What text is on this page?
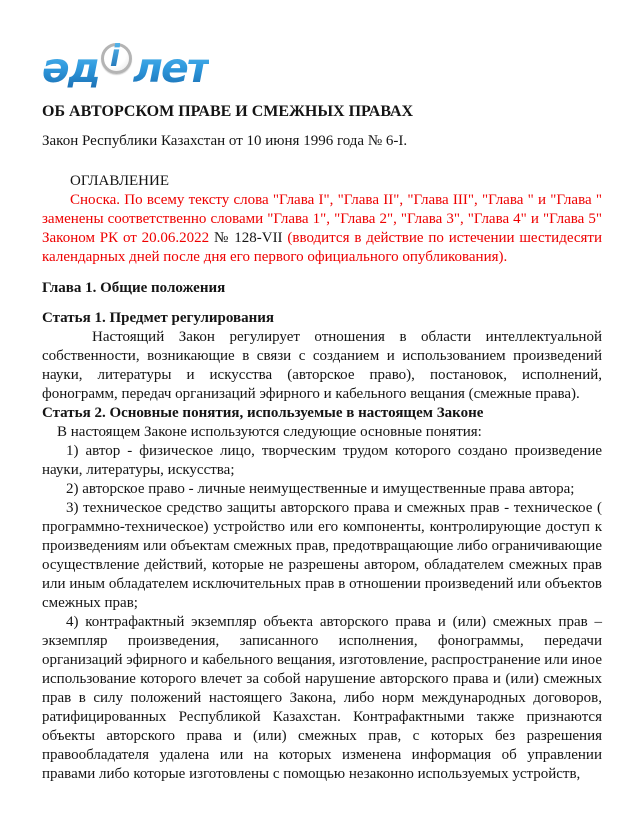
әд і лет
ОБ АВТОРСКОМ ПРАВЕ И СМЕЖНЫХ ПРАВАХ

Закон Республики Казахстан от 10 июня 1996 года № 6-I.

ОГЛАВЛЕНИЕ

Сноска. По всему тексту слова "Глава I", "Глава II", "Глава III", "Глава " и "Глава " заменены соответственно словами "Глава 1", "Глава 2", "Глава 3", "Глава 4" и "Глава 5" Законом РК от 20.06.2022 № 128-VII (вводится в действие по истечении шестидесяти календарных дней после дня его первого официального опубликования).

Глава 1. Общие положения

Статья 1. Предмет регулирования

Настоящий Закон регулирует отношения в области интеллектуальной собственности, возникающие в связи с созданием и использованием произведений науки, литературы и искусства (авторское право), постановок, исполнений, фонограмм, передач организаций эфирного и кабельного вещания (смежные права).

Статья 2. Основные понятия, используемые в настоящем Законе

В настоящем Законе используются следующие основные понятия:

1) автор - физическое лицо, творческим трудом которого создано произведение науки, литературы, искусства;

2) авторское право - личные неимущественные и имущественные права автора;

3) техническое средство защиты авторского права и смежных прав - техническое ( программно-техническое) устройство или его компоненты, контролирующие доступ к произведениям или объектам смежных прав, предотвращающие либо ограничивающие осуществление действий, которые не разрешены автором, обладателем смежных прав или иным обладателем исключительных прав в отношении произведений или объектов смежных прав;

4) контрафактный экземпляр объекта авторского права и (или) смежных прав – экземпляр произведения, записанного исполнения, фонограммы, передачи организаций эфирного и кабельного вещания, изготовление, распространение или иное использование которого влечет за собой нарушение авторского права и (или) смежных прав в силу положений настоящего Закона, либо норм международных договоров, ратифицированных Республикой Казахстан. Контрафактными также признаются объекты авторского права и (или) смежных прав, с которых без разрешения правообладателя удалена или на которых изменена информация об управлении правами либо которые изготовлены с помощью незаконно используемых устройств,
